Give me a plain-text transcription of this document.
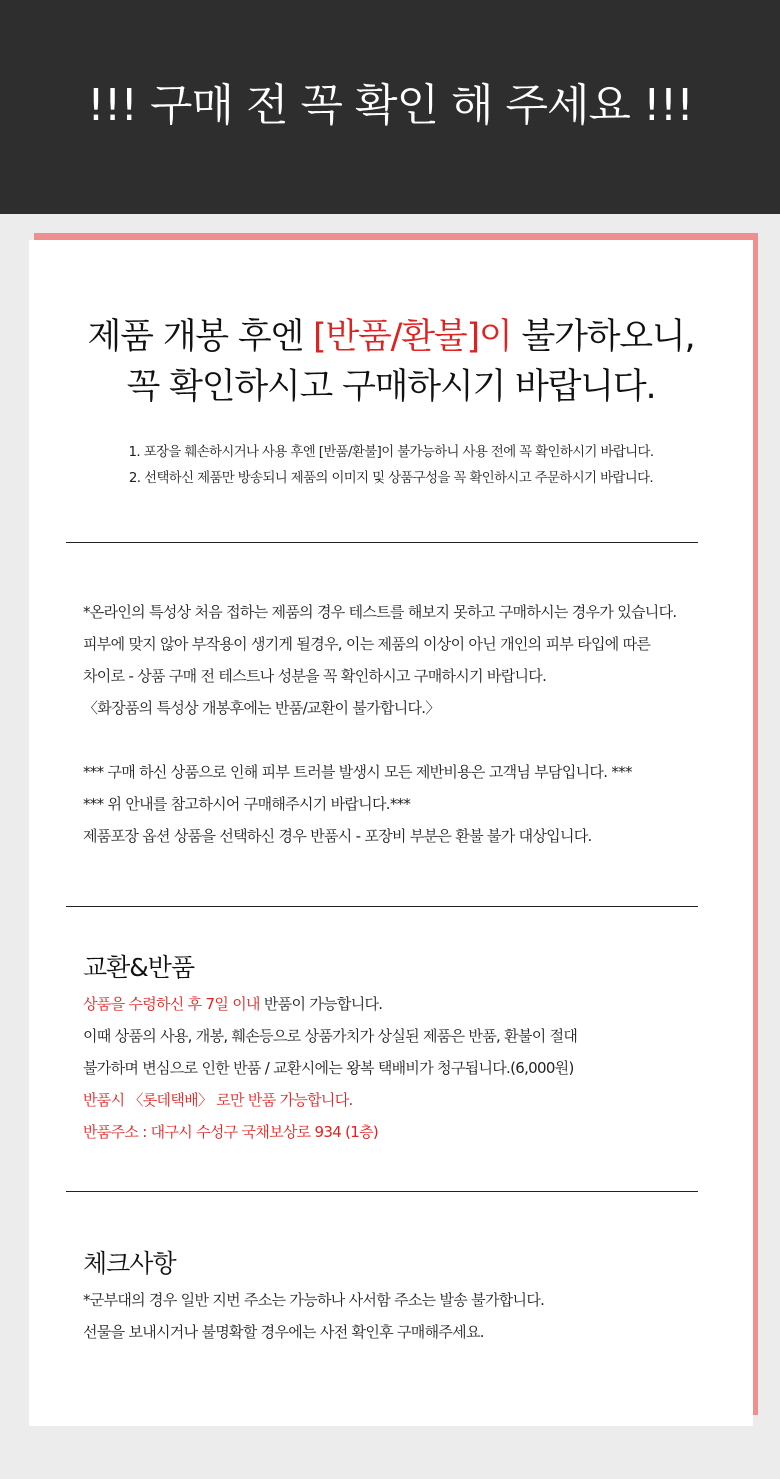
!!! 구매 전 꼭 확인 해 주세요 !!!
제품 개봉 후엔 [반품/환불]이 불가하오니,
꼭 확인하시고 구매하시기 바랍니다.
1. 포장을 훼손하시거나 사용 후엔 [반품/환불]이 불가능하니 사용 전에 꼭 확인하시기 바랍니다.
2. 선택하신 제품만 방송되니 제품의 이미지 및 상품구성을 꼭 확인하시고 주문하시기 바랍니다.

*온라인의 특성상 처음 접하는 제품의 경우 테스트를 해보지 못하고 구매하시는 경우가 있습니다.

피부에 맞지 않아 부작용이 생기게 될경우, 이는 제품의 이상이 아닌 개인의 피부 타입에 따른

차이로 - 상품 구매 전 테스트나 성분을 꼭 확인하시고 구매하시기 바랍니다.

〈화장품의 특성상 개봉후에는 반품/교환이 불가합니다.〉

*** 구매 하신 상품으로 인해 피부 트러블 발생시 모든 제반비용은 고객님 부담입니다. ***

*** 위 안내를 참고하시어 구매해주시기 바랍니다.***

제품포장 옵션 상품을 선택하신 경우 반품시 - 포장비 부분은 환불 불가 대상입니다.

교환&반품

상품을 수령하신 후 7일 이내 반품이 가능합니다.

이때 상품의 사용, 개봉, 훼손등으로 상품가치가 상실된 제품은 반품, 환불이 절대

불가하며 변심으로 인한 반품 / 교환시에는 왕복 택배비가 청구됩니다.(6,000원)

반품시 〈롯데택배〉 로만 반품 가능합니다.

반품주소 : 대구시 수성구 국채보상로 934 (1층)

체크사항

*군부대의 경우 일반 지번 주소는 가능하나 사서함 주소는 발송 불가합니다.

선물을 보내시거나 불명확할 경우에는 사전 확인후 구매해주세요.
